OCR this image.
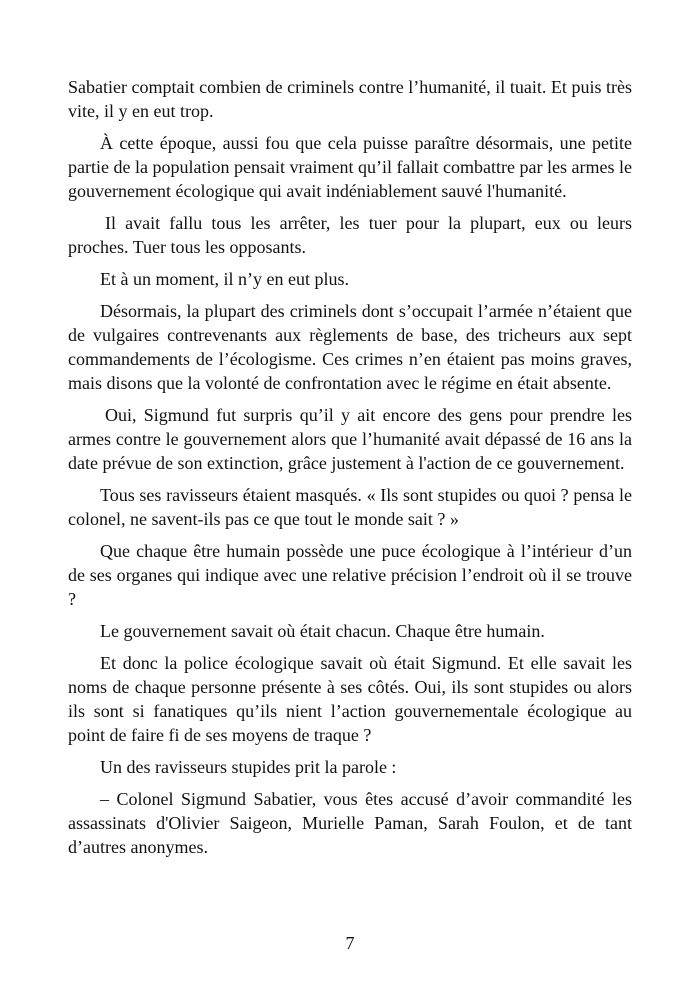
Sabatier comptait combien de criminels contre l’humanité, il tuait. Et puis très vite, il y en eut trop.

À cette époque, aussi fou que cela puisse paraître désormais, une petite partie de la population pensait vraiment qu’il fallait combattre par les armes le gouvernement écologique qui avait indéniablement sauvé l'humanité.

Il avait fallu tous les arrêter, les tuer pour la plupart, eux ou leurs proches. Tuer tous les opposants.

Et à un moment, il n’y en eut plus.

Désormais, la plupart des criminels dont s’occupait l’armée n’étaient que de vulgaires contrevenants aux règlements de base, des tricheurs aux sept commandements de l’écologisme. Ces crimes n’en étaient pas moins graves, mais disons que la volonté de confrontation avec le régime en était absente.

Oui, Sigmund fut surpris qu’il y ait encore des gens pour prendre les armes contre le gouvernement alors que l’humanité avait dépassé de 16 ans la date prévue de son extinction, grâce justement à l'action de ce gouvernement.

Tous ses ravisseurs étaient masqués. « Ils sont stupides ou quoi ? pensa le colonel, ne savent-ils pas ce que tout le monde sait ? »

Que chaque être humain possède une puce écologique à l’intérieur d’un de ses organes qui indique avec une relative précision l’endroit où il se trouve ?

Le gouvernement savait où était chacun. Chaque être humain.

Et donc la police écologique savait où était Sigmund. Et elle savait les noms de chaque personne présente à ses côtés. Oui, ils sont stupides ou alors ils sont si fanatiques qu’ils nient l’action gouvernementale écologique au point de faire fi de ses moyens de traque ?

Un des ravisseurs stupides prit la parole :

– Colonel Sigmund Sabatier, vous êtes accusé d’avoir commandité les assassinats d'Olivier Saigeon, Murielle Paman, Sarah Foulon, et de tant d’autres anonymes.

7
